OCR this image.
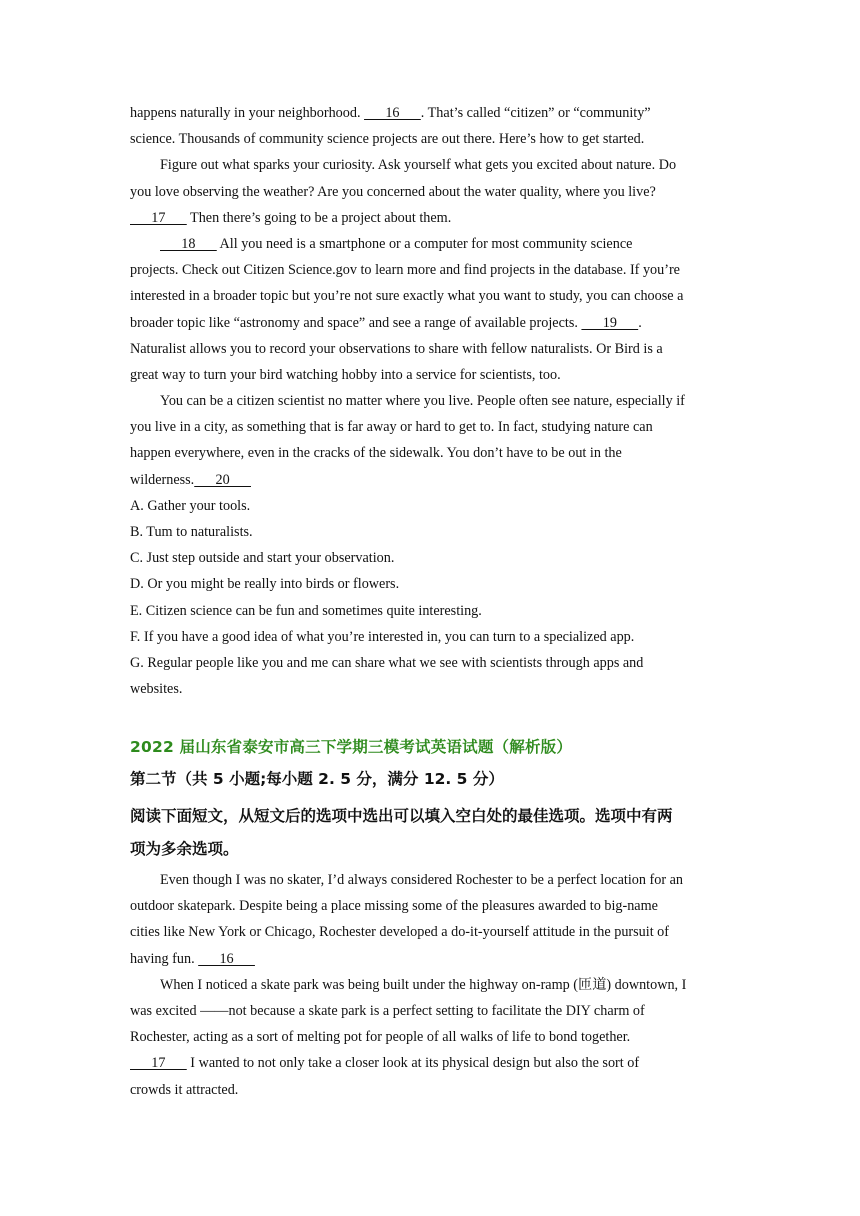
happens naturally in your neighborhood.    16   . That’s called “citizen” or “community”
science. Thousands of community science projects are out there. Here’s how to get started.
Figure out what sparks your curiosity. Ask yourself what gets you excited about nature. Do
you love observing the weather? Are you concerned about the water quality, where you live?
   17    Then there’s going to be a project about them.
   18    All you need is a smartphone or a computer for most community science
projects. Check out Citizen Science.gov to learn more and find projects in the database. If you’re
interested in a broader topic but you’re not sure exactly what you want to study, you can choose a
broader topic like “astronomy and space” and see a range of available projects.    19   .
Naturalist allows you to record your observations to share with fellow naturalists. Or Bird is a
great way to turn your bird watching hobby into a service for scientists, too.
You can be a citizen scientist no matter where you live. People often see nature, especially if
you live in a city, as something that is far away or hard to get to. In fact, studying nature can
happen everywhere, even in the cracks of the sidewalk. You don’t have to be out in the
wilderness.   20   
A. Gather your tools.
B. Tum to naturalists.
C. Just step outside and start your observation.
D. Or you might be really into birds or flowers.
E. Citizen science can be fun and sometimes quite interesting.
F. If you have a good idea of what you’re interested in, you can turn to a specialized app.
G. Regular people like you and me can share what we see with scientists through apps and
websites.
2022 届山东省泰安市高三下学期三模考试英语试题（解析版）
第二节（共 5 小题;每小题 2. 5 分，满分 12. 5 分）
阅读下面短文，从短文后的选项中选出可以填入空白处的最佳选项。选项中有两
项为多余选项。
Even though I was no skater, I’d always considered Rochester to be a perfect location for an
outdoor skatepark. Despite being a place missing some of the pleasures awarded to big-name
cities like New York or Chicago, Rochester developed a do-it-yourself attitude in the pursuit of
having fun.    16   
When I noticed a skate park was being built under the highway on-ramp (匝道) downtown, I
was excited ——not because a skate park is a perfect setting to facilitate the DIY charm of
Rochester, acting as a sort of melting pot for people of all walks of life to bond together.
   17    I wanted to not only take a closer look at its physical design but also the sort of
crowds it attracted.
